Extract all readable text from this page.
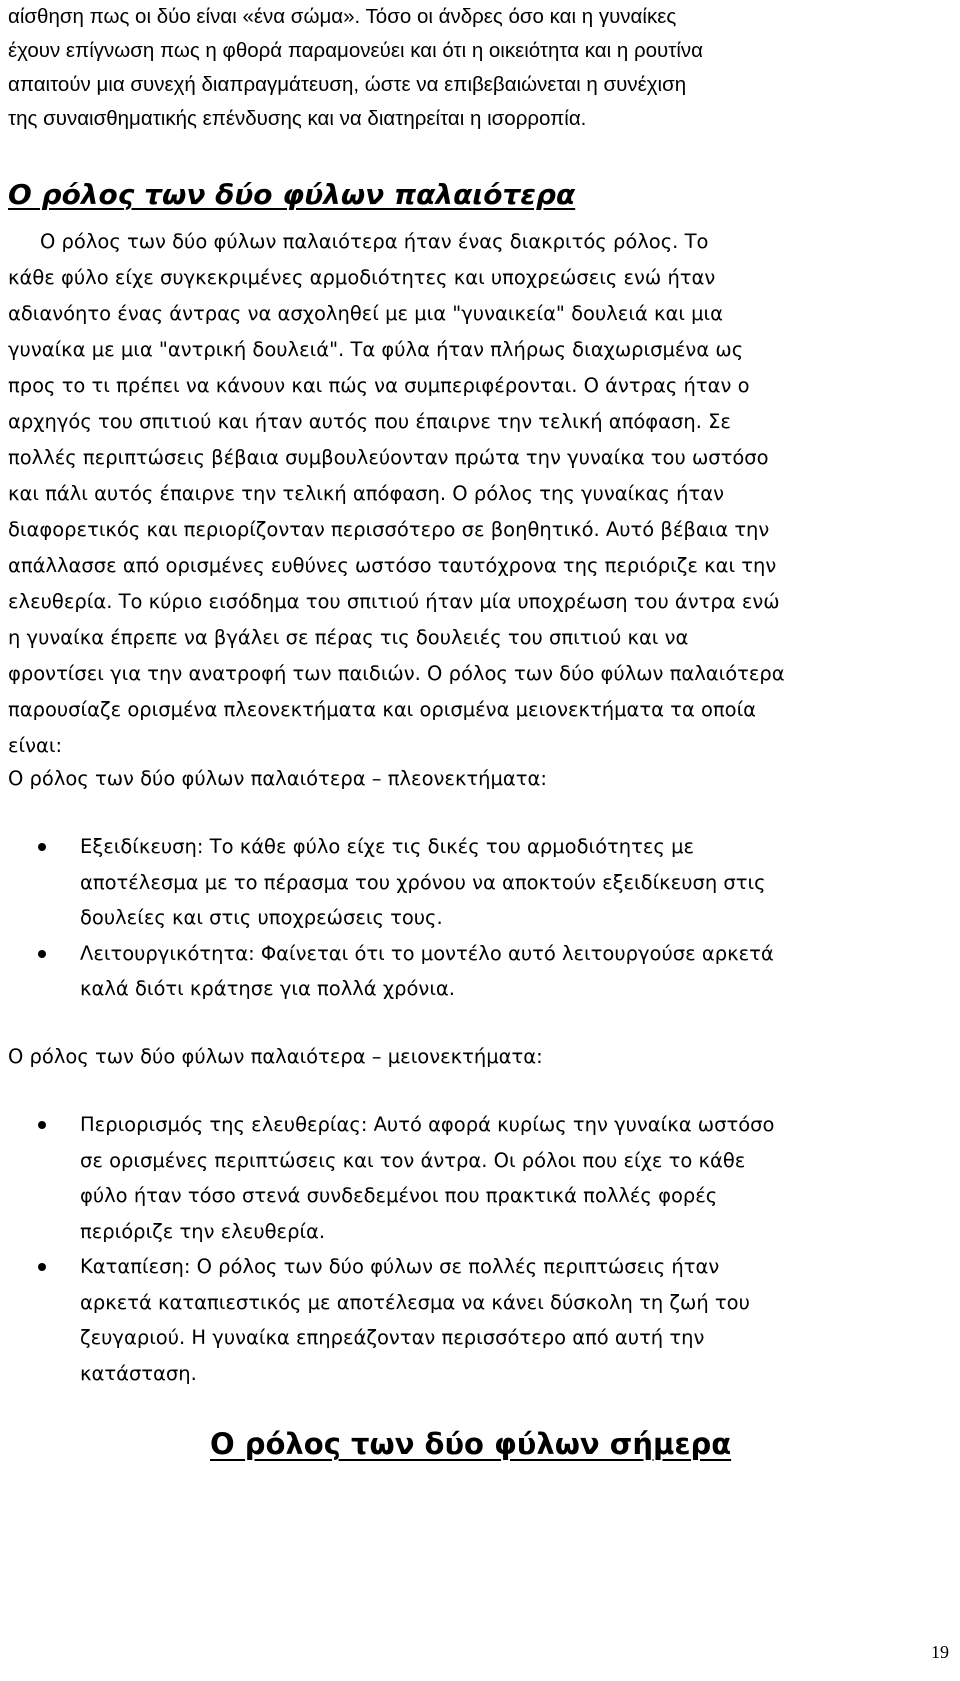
αίσθηση πως οι δύο είναι «ένα σώμα». Τόσο οι άνδρες όσο και η γυναίκες
έχουν επίγνωση πως η φθορά παραμονεύει και ότι η οικειότητα και η ρουτίνα
απαιτούν μια συνεχή διαπραγμάτευση, ώστε να επιβεβαιώνεται η συνέχιση
της συναισθηματικής επένδυσης και να διατηρείται η ισορροπία.
Ο ρόλος των δύο φύλων παλαιότερα
Ο ρόλος των δύο φύλων παλαιότερα ήταν ένας διακριτός ρόλος. Το
κάθε φύλο είχε συγκεκριμένες αρμοδιότητες και υποχρεώσεις ενώ ήταν
αδιανόητο ένας άντρας να ασχοληθεί με μια "γυναικεία" δουλειά και μια
γυναίκα με μια "αντρική δουλειά". Τα φύλα ήταν πλήρως διαχωρισμένα ως
προς το τι πρέπει να κάνουν και πώς να συμπεριφέρονται. Ο άντρας ήταν ο
αρχηγός του σπιτιού και ήταν αυτός που έπαιρνε την τελική απόφαση. Σε
πολλές περιπτώσεις βέβαια συμβουλεύονταν πρώτα την γυναίκα του ωστόσο
και πάλι αυτός έπαιρνε την τελική απόφαση. Ο ρόλος της γυναίκας ήταν
διαφορετικός και περιορίζονταν περισσότερο σε βοηθητικό. Αυτό βέβαια την
απάλλασσε από ορισμένες ευθύνες ωστόσο ταυτόχρονα της περιόριζε και την
ελευθερία. Το κύριο εισόδημα του σπιτιού ήταν μία υποχρέωση του άντρα ενώ
η γυναίκα έπρεπε να βγάλει σε πέρας τις δουλειές του σπιτιού και να
φροντίσει για την ανατροφή των παιδιών. Ο ρόλος των δύο φύλων παλαιότερα
παρουσίαζε ορισμένα πλεονεκτήματα και ορισμένα μειονεκτήματα τα οποία
είναι:
Ο ρόλος των δύο φύλων παλαιότερα – πλεονεκτήματα:
Εξειδίκευση: Το κάθε φύλο είχε τις δικές του αρμοδιότητες με
αποτέλεσμα με το πέρασμα του χρόνου να αποκτούν εξειδίκευση στις
δουλείες και στις υποχρεώσεις τους.
Λειτουργικότητα: Φαίνεται ότι το μοντέλο αυτό λειτουργούσε αρκετά
καλά διότι κράτησε για πολλά χρόνια.
Ο ρόλος των δύο φύλων παλαιότερα – μειονεκτήματα:
Περιορισμός της ελευθερίας: Αυτό αφορά κυρίως την γυναίκα ωστόσο
σε ορισμένες περιπτώσεις και τον άντρα. Οι ρόλοι που είχε το κάθε
φύλο ήταν τόσο στενά συνδεδεμένοι που πρακτικά πολλές φορές
περιόριζε την ελευθερία.
Καταπίεση: Ο ρόλος των δύο φύλων σε πολλές περιπτώσεις ήταν
αρκετά καταπιεστικός με αποτέλεσμα να κάνει δύσκολη τη ζωή του
ζευγαριού. Η γυναίκα επηρεάζονταν περισσότερο από αυτή την
κατάσταση.
Ο ρόλος των δύο φύλων σήμερα
19
